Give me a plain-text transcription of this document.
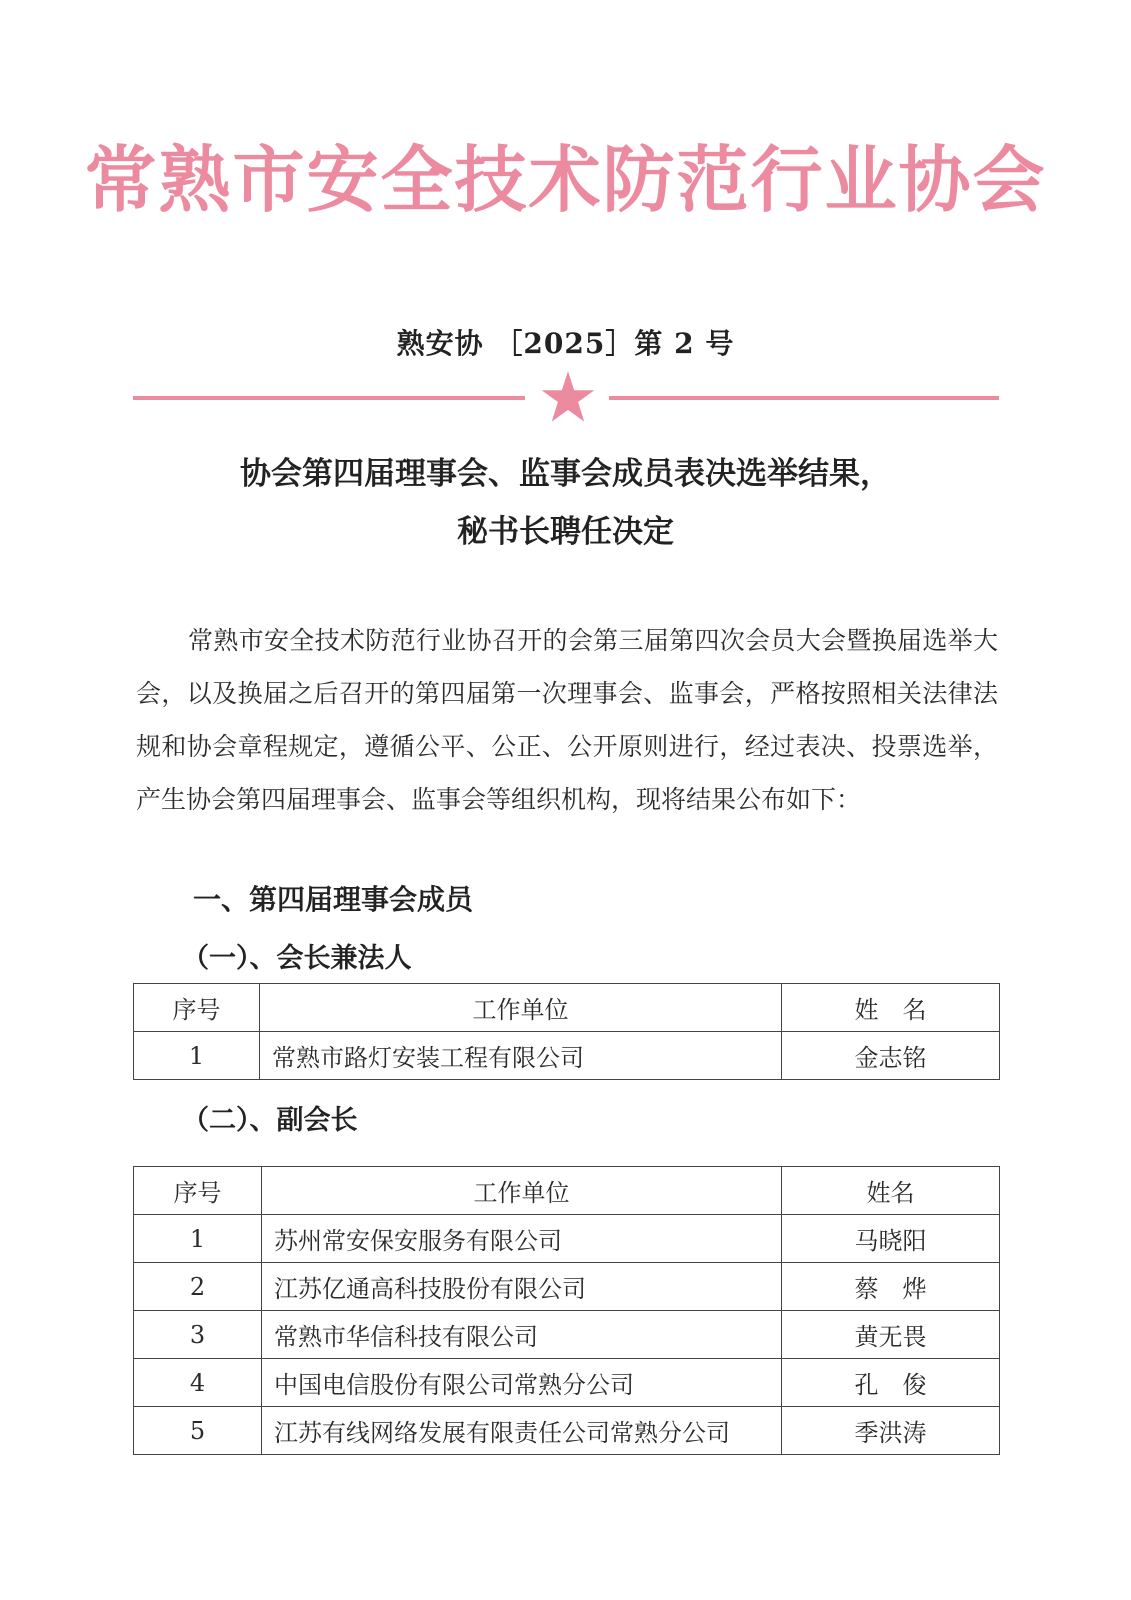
常熟市安全技术防范行业协会
熟安协 ［2025］第 2 号
协会第四届理事会、监事会成员表决选举结果，
秘书长聘任决定
常熟市安全技术防范行业协召开的会第三届第四次会员大会暨换届选举大会，以及换届之后召开的第四届第一次理事会、监事会，严格按照相关法律法规和协会章程规定，遵循公平、公正、公开原则进行，经过表决、投票选举，产生协会第四届理事会、监事会等组织机构，现将结果公布如下：
一、第四届理事会成员
（一）、会长兼法人
序号	工作单位	姓　名
1	常熟市路灯安装工程有限公司	金志铭
（二）、副会长
序号	工作单位	姓名
1	苏州常安保安服务有限公司	马晓阳
2	江苏亿通高科技股份有限公司	蔡　烨
3	常熟市华信科技有限公司	黄无畏
4	中国电信股份有限公司常熟分公司	孔　俊
5	江苏有线网络发展有限责任公司常熟分公司	季洪涛
